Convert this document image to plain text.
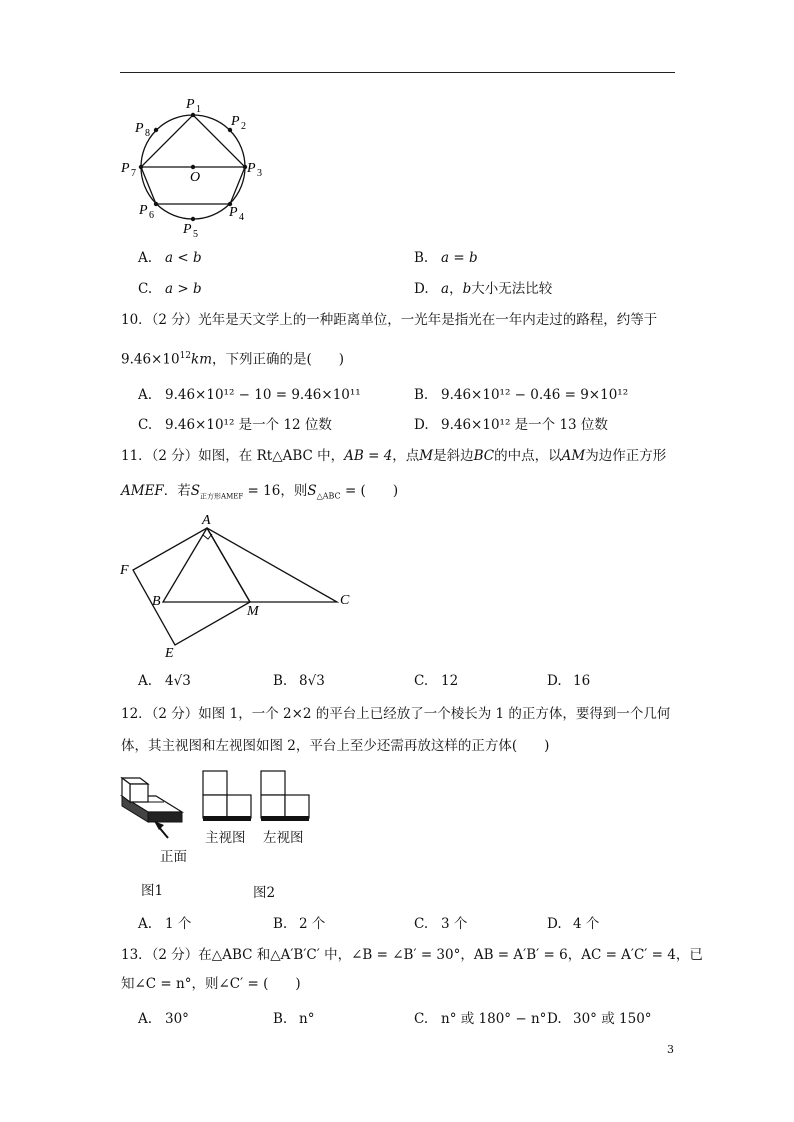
P 1
P 2
P 3
P 4
P 5
P 6
P 7
P 8
O
A. a < b	B. a = b
C. a > b	D. a，b大小无法比较
10．（2 分）光年是天文学上的一种距离单位，一光年是指光在一年内走过的路程，约等于
$9.46\times 10^{12}km$，下列正确的是(　　)
A. 9.46×10¹² − 10 = 9.46×10¹¹	B. 9.46×10¹² − 0.46 = 9×10¹²
C. 9.46×10¹² 是一个 12 位数	D. 9.46×10¹² 是一个 13 位数
11．（2 分）如图，在 Rt△ABC 中，AB = 4，点M是斜边BC的中点，以AM为边作正方形
AMEF．若$S_{正方形AMEF} = 16$，则$S_{\triangle ABC}$ = (　　)
A
B	C
M
E
F
A. 4√3	B. 8√3	C. 12	D. 16
12．（2 分）如图 1，一个 2×2 的平台上已经放了一个棱长为 1 的正方体，要得到一个几何
体，其主视图和左视图如图 2，平台上至少还需再放这样的正方体(　　)
正面
主视图 左视图
图1	图2
A. 1 个	B. 2 个	C. 3 个	D. 4 个
13．（2 分）在△ABC 和△A′B′C′ 中，∠B = ∠B′ = 30°，AB = A′B′ = 6，AC = A′C′ = 4，已
知∠C = n°，则∠C′ = (　　)
A. 30°	B. n°	C. n° 或 180° − n° D. 30° 或 150°
3
